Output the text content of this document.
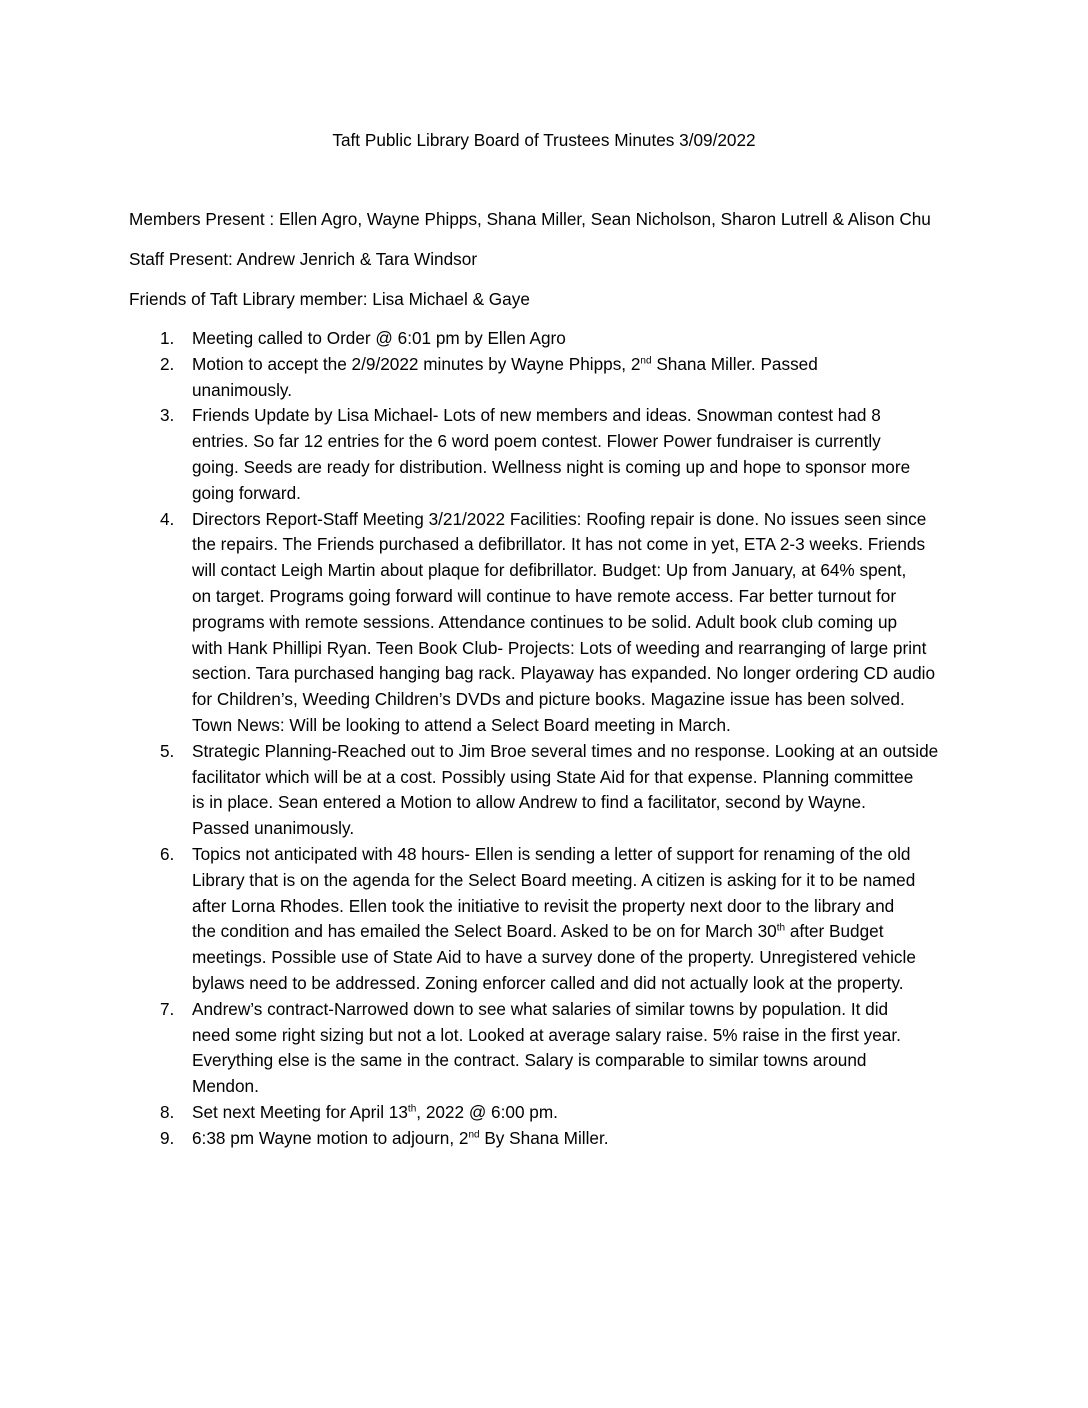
Taft Public Library Board of Trustees Minutes 3/09/2022
Members Present : Ellen Agro, Wayne Phipps, Shana Miller, Sean Nicholson, Sharon Lutrell & Alison Chu
Staff Present: Andrew Jenrich & Tara Windsor
Friends of Taft Library member: Lisa Michael & Gaye
1. Meeting called to Order @ 6:01 pm by Ellen Agro
2. Motion to accept the 2/9/2022 minutes by Wayne Phipps, 2nd Shana Miller. Passed
unanimously.
3. Friends Update by Lisa Michael- Lots of new members and ideas. Snowman contest had 8
entries. So far 12 entries for the 6 word poem contest. Flower Power fundraiser is currently
going. Seeds are ready for distribution. Wellness night is coming up and hope to sponsor more
going forward.
4. Directors Report-Staff Meeting 3/21/2022 Facilities: Roofing repair is done. No issues seen since
the repairs. The Friends purchased a defibrillator. It has not come in yet, ETA 2-3 weeks. Friends
will contact Leigh Martin about plaque for defibrillator. Budget: Up from January, at 64% spent,
on target. Programs going forward will continue to have remote access. Far better turnout for
programs with remote sessions. Attendance continues to be solid. Adult book club coming up
with Hank Phillipi Ryan. Teen Book Club- Projects: Lots of weeding and rearranging of large print
section. Tara purchased hanging bag rack. Playaway has expanded. No longer ordering CD audio
for Children’s, Weeding Children’s DVDs and picture books. Magazine issue has been solved.
Town News: Will be looking to attend a Select Board meeting in March.
5. Strategic Planning-Reached out to Jim Broe several times and no response. Looking at an outside
facilitator which will be at a cost. Possibly using State Aid for that expense. Planning committee
is in place. Sean entered a Motion to allow Andrew to find a facilitator, second by Wayne.
Passed unanimously.
6. Topics not anticipated with 48 hours- Ellen is sending a letter of support for renaming of the old
Library that is on the agenda for the Select Board meeting. A citizen is asking for it to be named
after Lorna Rhodes. Ellen took the initiative to revisit the property next door to the library and
the condition and has emailed the Select Board. Asked to be on for March 30th after Budget
meetings. Possible use of State Aid to have a survey done of the property. Unregistered vehicle
bylaws need to be addressed. Zoning enforcer called and did not actually look at the property.
7. Andrew’s contract-Narrowed down to see what salaries of similar towns by population. It did
need some right sizing but not a lot. Looked at average salary raise. 5% raise in the first year.
Everything else is the same in the contract. Salary is comparable to similar towns around
Mendon.
8. Set next Meeting for April 13th, 2022 @ 6:00 pm.
9. 6:38 pm Wayne motion to adjourn, 2nd By Shana Miller.
